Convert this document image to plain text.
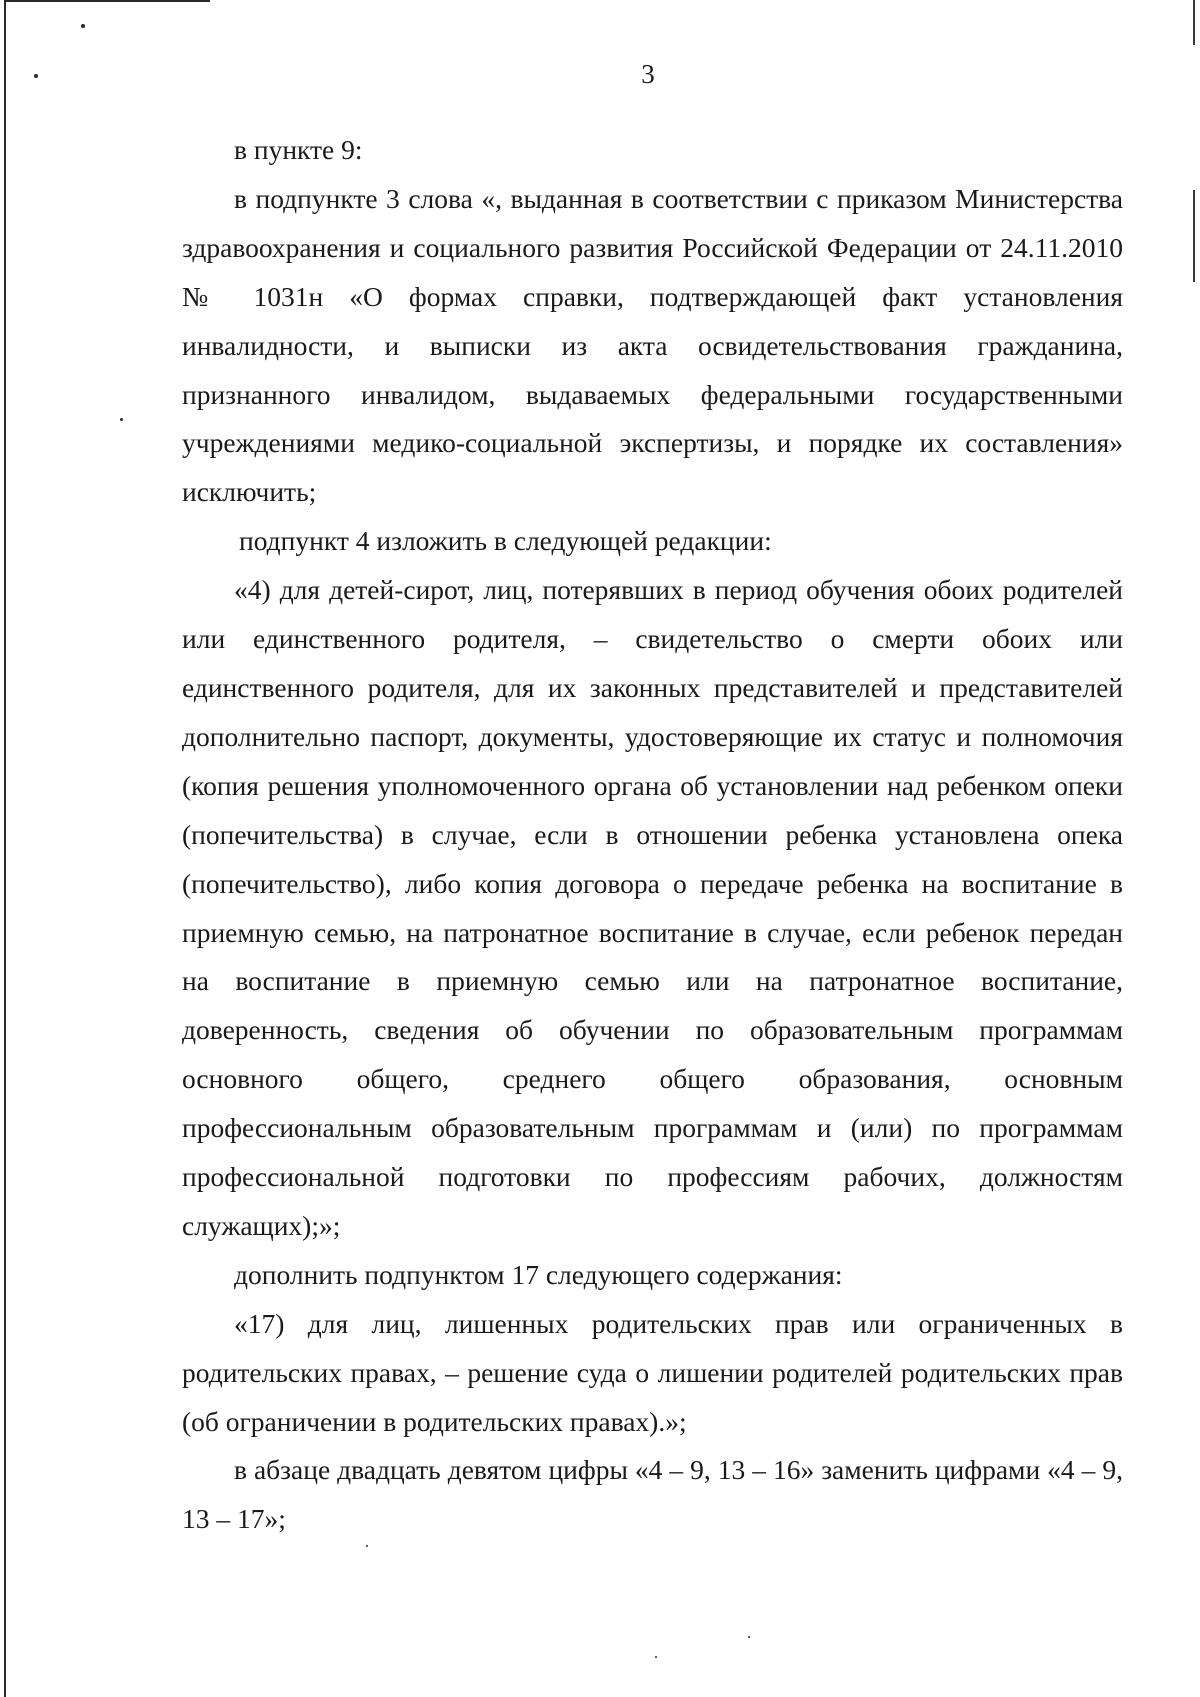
3

в пункте 9:

в подпункте 3 слова «, выданная в соответствии с приказом Министерства здравоохранения и социального развития Российской Федерации от 24.11.2010 № 1031н «О формах справки, подтверждающей факт установления инвалидности, и выписки из акта освидетельствования гражданина, признанного инвалидом, выдаваемых федеральными государственными учреждениями медико-социальной экспертизы, и порядке их составления» исключить;

подпункт 4 изложить в следующей редакции:

«4) для детей-сирот, лиц, потерявших в период обучения обоих родителей или единственного родителя, – свидетельство о смерти обоих или единственного родителя, для их законных представителей и представителей дополнительно паспорт, документы, удостоверяющие их статус и полномочия (копия решения уполномоченного органа об установлении над ребенком опеки (попечительства) в случае, если в отношении ребенка установлена опека (попечительство), либо копия договора о передаче ребенка на воспитание в приемную семью, на патронатное воспитание в случае, если ребенок передан на воспитание в приемную семью или на патронатное воспитание, доверенность, сведения об обучении по образовательным программам основного общего, среднего общего образования, основным профессиональным образовательным программам и (или) по программам профессиональной подготовки по профессиям рабочих, должностям служащих);»;

дополнить подпунктом 17 следующего содержания:

«17) для лиц, лишенных родительских прав или ограниченных в родительских правах, – решение суда о лишении родителей родительских прав (об ограничении в родительских правах).»;

в абзаце двадцать девятом цифры «4 – 9, 13 – 16» заменить цифрами «4 – 9, 13 – 17»;
